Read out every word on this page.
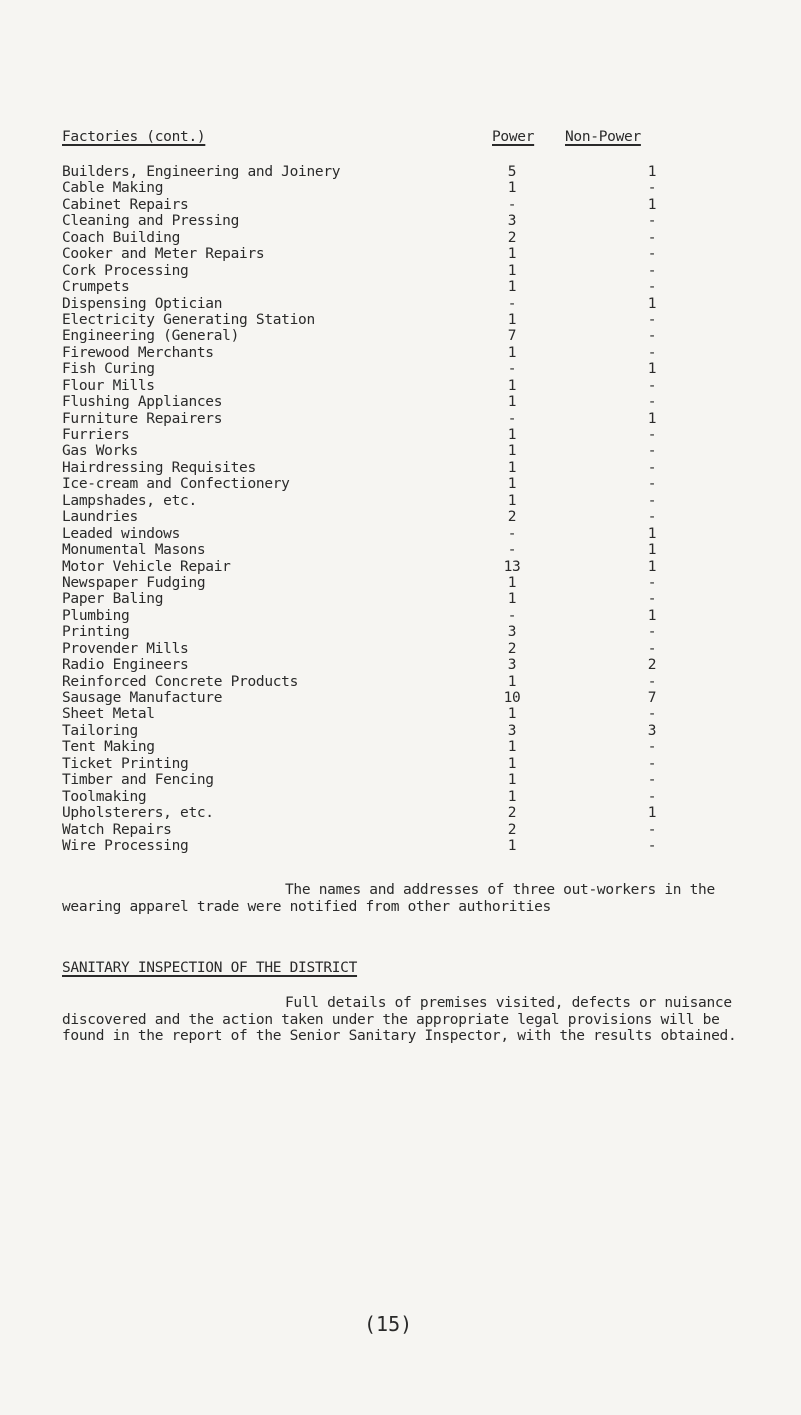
Factories (cont.)	Power Non-Power
Builders, Engineering and Joinery	5	1
Cable Making	1	-
Cabinet Repairs	-	1
Cleaning and Pressing	3	-
Coach Building	2	-
Cooker and Meter Repairs	1	-
Cork Processing	1	-
Crumpets	1	-
Dispensing Optician	-	1
Electricity Generating Station	1	-
Engineering (General)	7	-
Firewood Merchants	1	-
Fish Curing	-	1
Flour Mills	1	-
Flushing Appliances	1	-
Furniture Repairers	-	1
Furriers	1	-
Gas Works	1	-
Hairdressing Requisites	1	-
Ice-cream and Confectionery	1	-
Lampshades, etc.	1	-
Laundries	2	-
Leaded windows	-	1
Monumental Masons	-	1
Motor Vehicle Repair	13	1
Newspaper Fudging	1	-
Paper Baling	1	-
Plumbing	-	1
Printing	3	-
Provender Mills	2	-
Radio Engineers	3	2
Reinforced Concrete Products	1	-
Sausage Manufacture	10	7
Sheet Metal	1	-
Tailoring	3	3
Tent Making	1	-
Ticket Printing	1	-
Timber and Fencing	1	-
Toolmaking	1	-
Upholsterers, etc.	2	1
Watch Repairs	2	-
Wire Processing	1	-
The names and addresses of three out-workers in the wearing apparel trade were notified from other authorities
SANITARY INSPECTION OF THE DISTRICT
Full details of premises visited, defects or nuisance discovered and the action taken under the appropriate legal provisions will be found in the report of the Senior Sanitary Inspector, with the results obtained.
(15)
